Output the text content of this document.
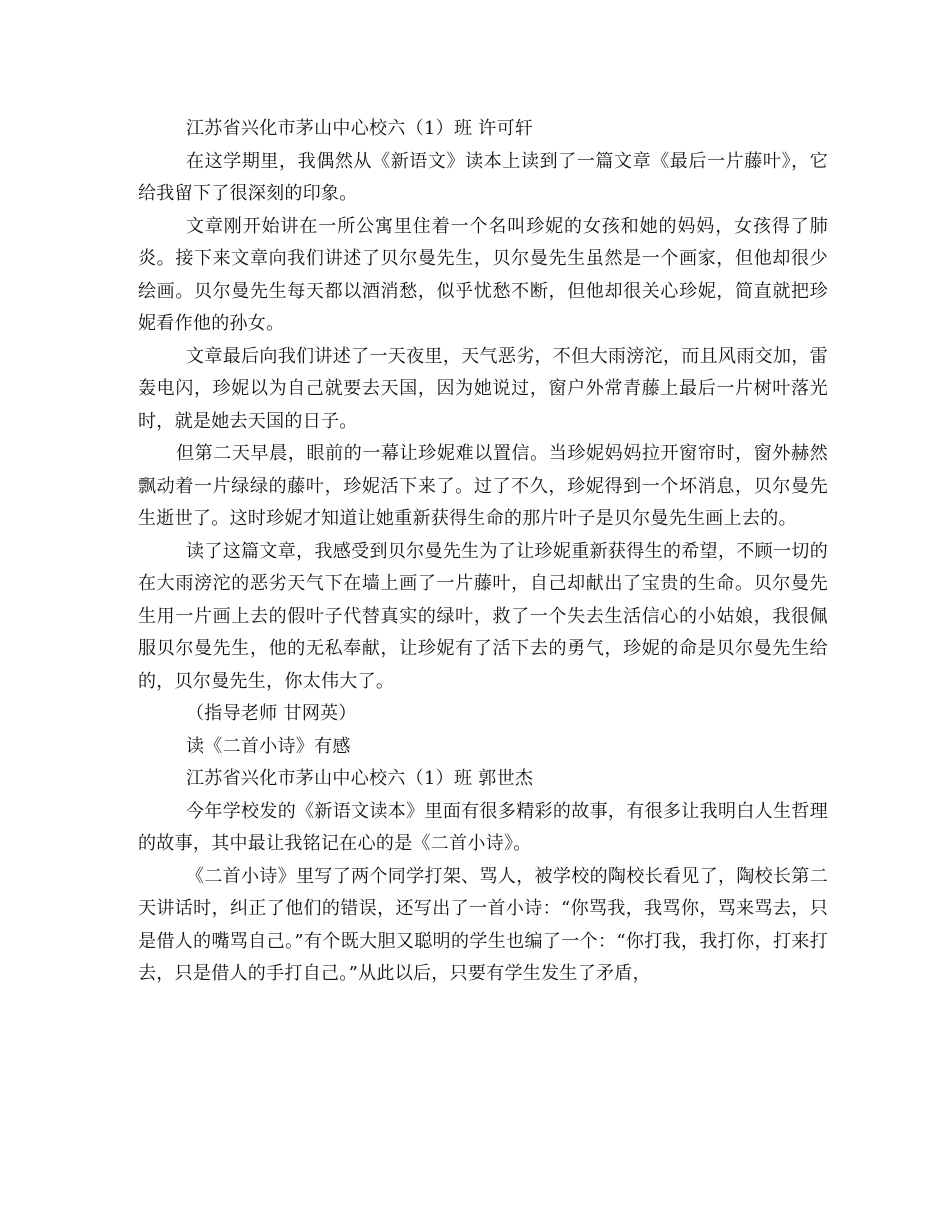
江苏省兴化市茅山中心校六（1）班 许可轩
在这学期里，我偶然从《新语文》读本上读到了一篇文章《最后一片藤叶》，它给我留下了很深刻的印象。
文章刚开始讲在一所公寓里住着一个名叫珍妮的女孩和她的妈妈，女孩得了肺炎。接下来文章向我们讲述了贝尔曼先生，贝尔曼先生虽然是一个画家，但他却很少绘画。贝尔曼先生每天都以酒消愁，似乎忧愁不断，但他却很关心珍妮，简直就把珍妮看作他的孙女。
文章最后向我们讲述了一天夜里，天气恶劣，不但大雨滂沱，而且风雨交加，雷轰电闪，珍妮以为自己就要去天国，因为她说过，窗户外常青藤上最后一片树叶落光时，就是她去天国的日子。
但第二天早晨，眼前的一幕让珍妮难以置信。当珍妮妈妈拉开窗帘时，窗外赫然飘动着一片绿绿的藤叶，珍妮活下来了。过了不久，珍妮得到一个坏消息，贝尔曼先生逝世了。这时珍妮才知道让她重新获得生命的那片叶子是贝尔曼先生画上去的。
读了这篇文章，我感受到贝尔曼先生为了让珍妮重新获得生的希望，不顾一切的在大雨滂沱的恶劣天气下在墙上画了一片藤叶，自己却献出了宝贵的生命。贝尔曼先生用一片画上去的假叶子代替真实的绿叶，救了一个失去生活信心的小姑娘，我很佩服贝尔曼先生，他的无私奉献，让珍妮有了活下去的勇气，珍妮的命是贝尔曼先生给的，贝尔曼先生，你太伟大了。
（指导老师 甘网英）
读《二首小诗》有感
江苏省兴化市茅山中心校六（1）班 郭世杰
今年学校发的《新语文读本》里面有很多精彩的故事，有很多让我明白人生哲理的故事，其中最让我铭记在心的是《二首小诗》。
《二首小诗》里写了两个同学打架、骂人，被学校的陶校长看见了，陶校长第二天讲话时，纠正了他们的错误，还写出了一首小诗：“你骂我，我骂你，骂来骂去，只是借人的嘴骂自己。”有个既大胆又聪明的学生也编了一个：“你打我，我打你，打来打去，只是借人的手打自己。”从此以后，只要有学生发生了矛盾，
